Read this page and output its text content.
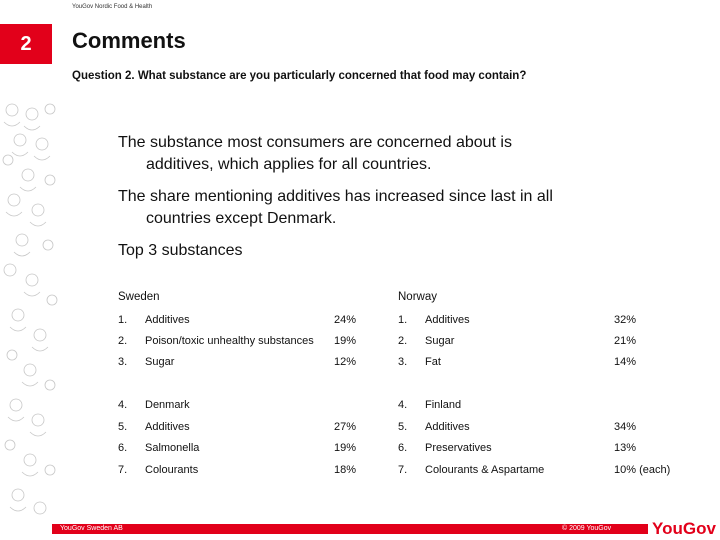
YouGov Nordic Food & Health
2	Comments
Question 2. What substance are you particularly concerned that food may contain?
The substance most consumers are concerned about is
additives, which applies for all countries.
The share mentioning additives has increased since last in all
countries except Denmark.
Top 3 substances
Sweden	Norway
1. Additives	24%	1. Additives	32%
2. Poison/toxic unhealthy substances 19%	2. Sugar	21%
3. Sugar	12%	3. Fat	14%
4. Denmark	4. Finland
5. Additives	27%	5. Additives	34%
6. Salmonella	19%	6. Preservatives	13%
7. Colourants	18%	7. Colourants & Aspartame	10% (each)
YouGov Sweden AB	© 2009 YouGov YouGov
